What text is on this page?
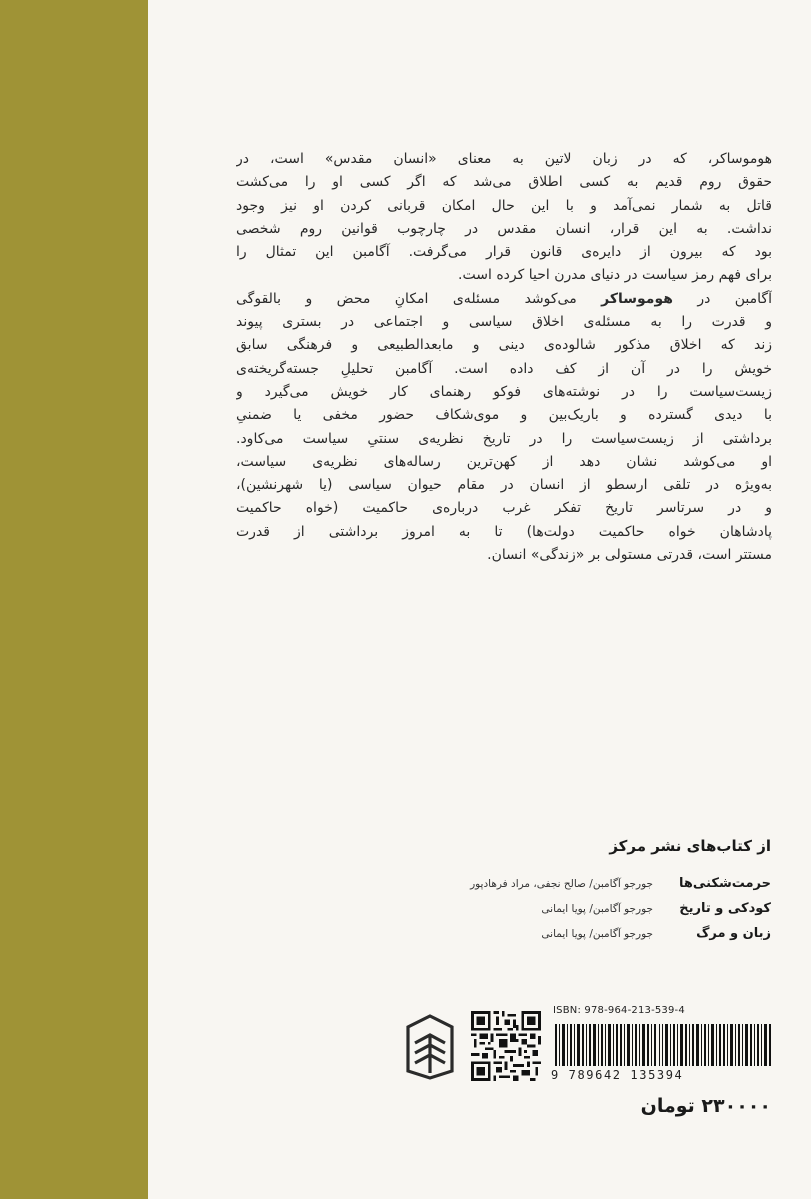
هوموساکر، که در زبان لاتین به معنای «انسان مقدس» است، در
حقوق روم قدیم به کسی اطلاق می‌شد که اگر کسی او را می‌کشت
قاتل به شمار نمی‌آمد و با این حال امکان قربانی کردن او نیز وجود
نداشت. به این قرار، انسان مقدس در چارچوب قوانین روم شخصی
بود که بیرون از دایره‌ی قانون قرار می‌گرفت. آگامبن این تمثال را
برای فهم رمز سیاست در دنیای مدرن احیا کرده است.
آگامبن در هوموساکر می‌کوشد مسئله‌ی امکانِ محض و بالقوگی
و قدرت را به مسئله‌ی اخلاق سیاسی و اجتماعی در بستری پیوند
زند که اخلاق مذکور شالوده‌ی دینی و مابعدالطبیعی و فرهنگی سابق
خویش را در آن از کف داده است. آگامبن تحلیلِ جسته‌گریخته‌ی
زیست‌سیاست را در نوشته‌های فوکو رهنمای کار خویش می‌گیرد و
با دیدی گسترده و باریک‌بین و موی‌شکاف حضور مخفی یا ضمنیِ
برداشتی از زیست‌سیاست را در تاریخ نظریه‌ی سنتیِ سیاست می‌کاود.
او می‌کوشد نشان دهد از کهن‌ترین رساله‌های نظریه‌ی سیاست،
به‌ویژه در تلقی ارسطو از انسان در مقام حیوان سیاسی (یا شهرنشین)،
و در سرتاسر تاریخ تفکر غرب درباره‌ی حاکمیت (خواه حاکمیت
پادشاهان خواه حاکمیت دولت‌ها) تا به امروز برداشتی از قدرت
مستتر است، قدرتی مستولی بر «زندگی» انسان.
از کتاب‌های نشر مرکز
حرمت‌شکنی‌ها
جورجو آگامبن/ صالح نجفی، مراد فرهادپور
کودکی و تاریخ
جورجو آگامبن/ پویا ایمانی
زبان و مرگ
جورجو آگامبن/ پویا ایمانی
ISBN: 978-964-213-539-4
9 789642 135394
۲۳۰۰۰۰ تومان
